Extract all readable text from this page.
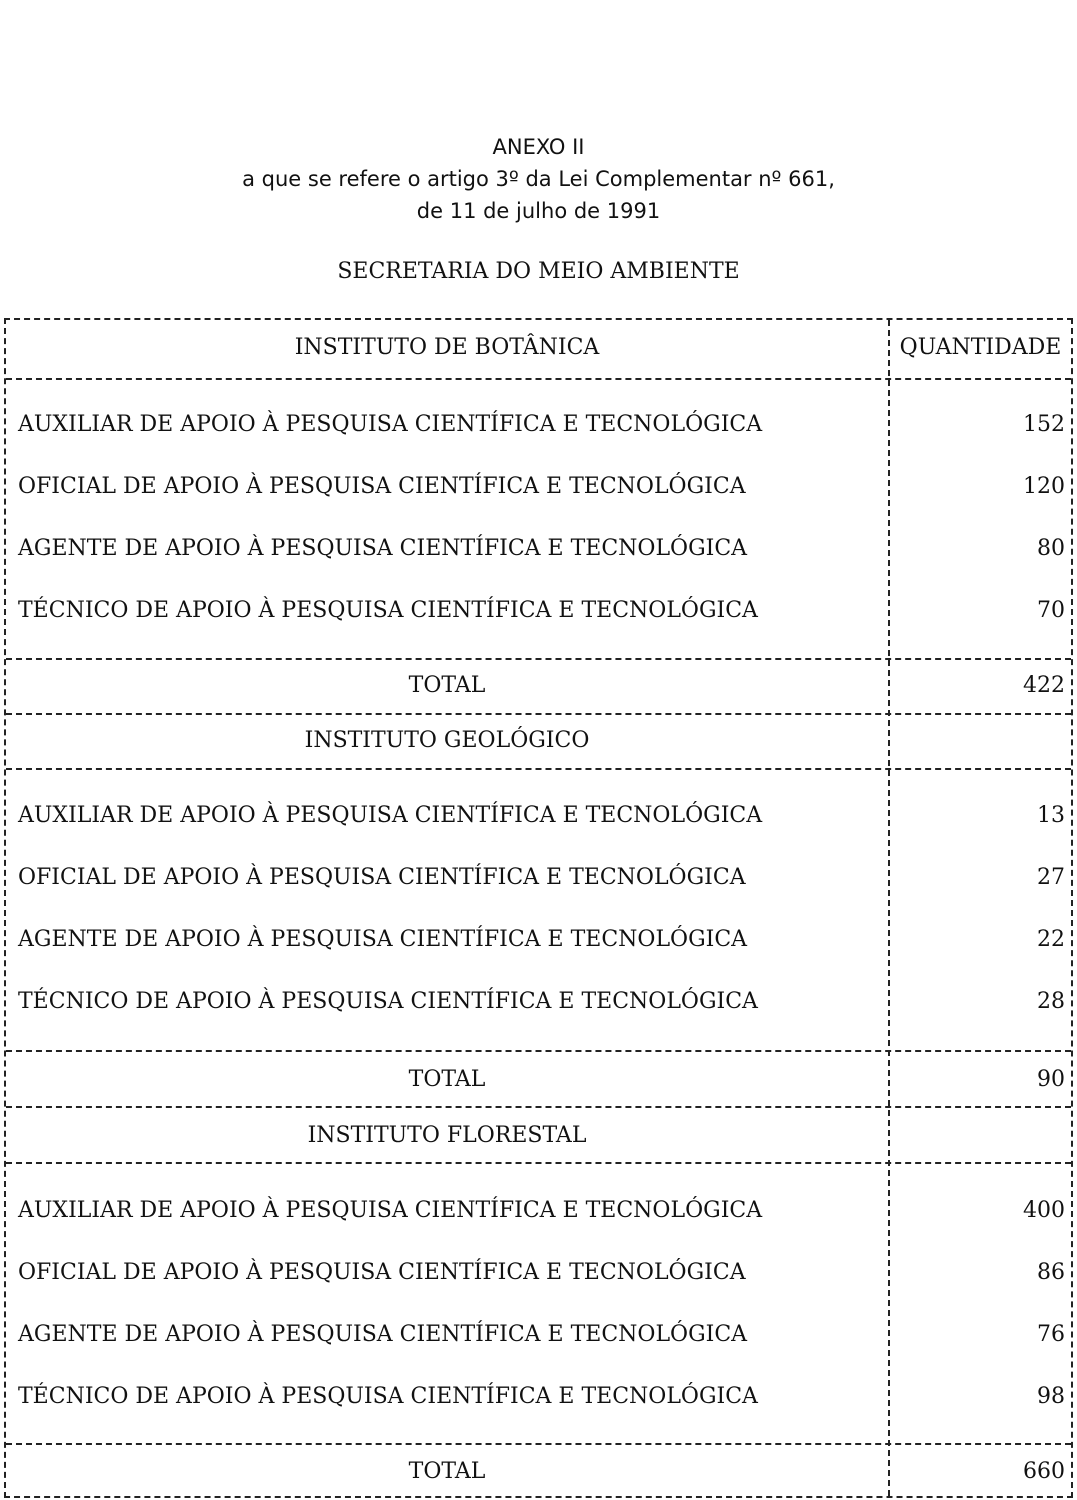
ANEXO II
a que se refere o artigo 3º da Lei Complementar nº 661,
de 11 de julho de 1991
SECRETARIA DO MEIO AMBIENTE
INSTITUTO DE BOTÂNICA	QUANTIDADE
AUXILIAR DE APOIO À PESQUISA CIENTÍFICA E TECNOLÓGICA	152
OFICIAL DE APOIO À PESQUISA CIENTÍFICA E TECNOLÓGICA	120
AGENTE DE APOIO À PESQUISA CIENTÍFICA E TECNOLÓGICA	80
TÉCNICO DE APOIO À PESQUISA CIENTÍFICA E TECNOLÓGICA	70
TOTAL	422
INSTITUTO GEOLÓGICO
AUXILIAR DE APOIO À PESQUISA CIENTÍFICA E TECNOLÓGICA	13
OFICIAL DE APOIO À PESQUISA CIENTÍFICA E TECNOLÓGICA	27
AGENTE DE APOIO À PESQUISA CIENTÍFICA E TECNOLÓGICA	22
TÉCNICO DE APOIO À PESQUISA CIENTÍFICA E TECNOLÓGICA	28
TOTAL	90
INSTITUTO FLORESTAL
AUXILIAR DE APOIO À PESQUISA CIENTÍFICA E TECNOLÓGICA	400
OFICIAL DE APOIO À PESQUISA CIENTÍFICA E TECNOLÓGICA	86
AGENTE DE APOIO À PESQUISA CIENTÍFICA E TECNOLÓGICA	76
TÉCNICO DE APOIO À PESQUISA CIENTÍFICA E TECNOLÓGICA	98
TOTAL	660
